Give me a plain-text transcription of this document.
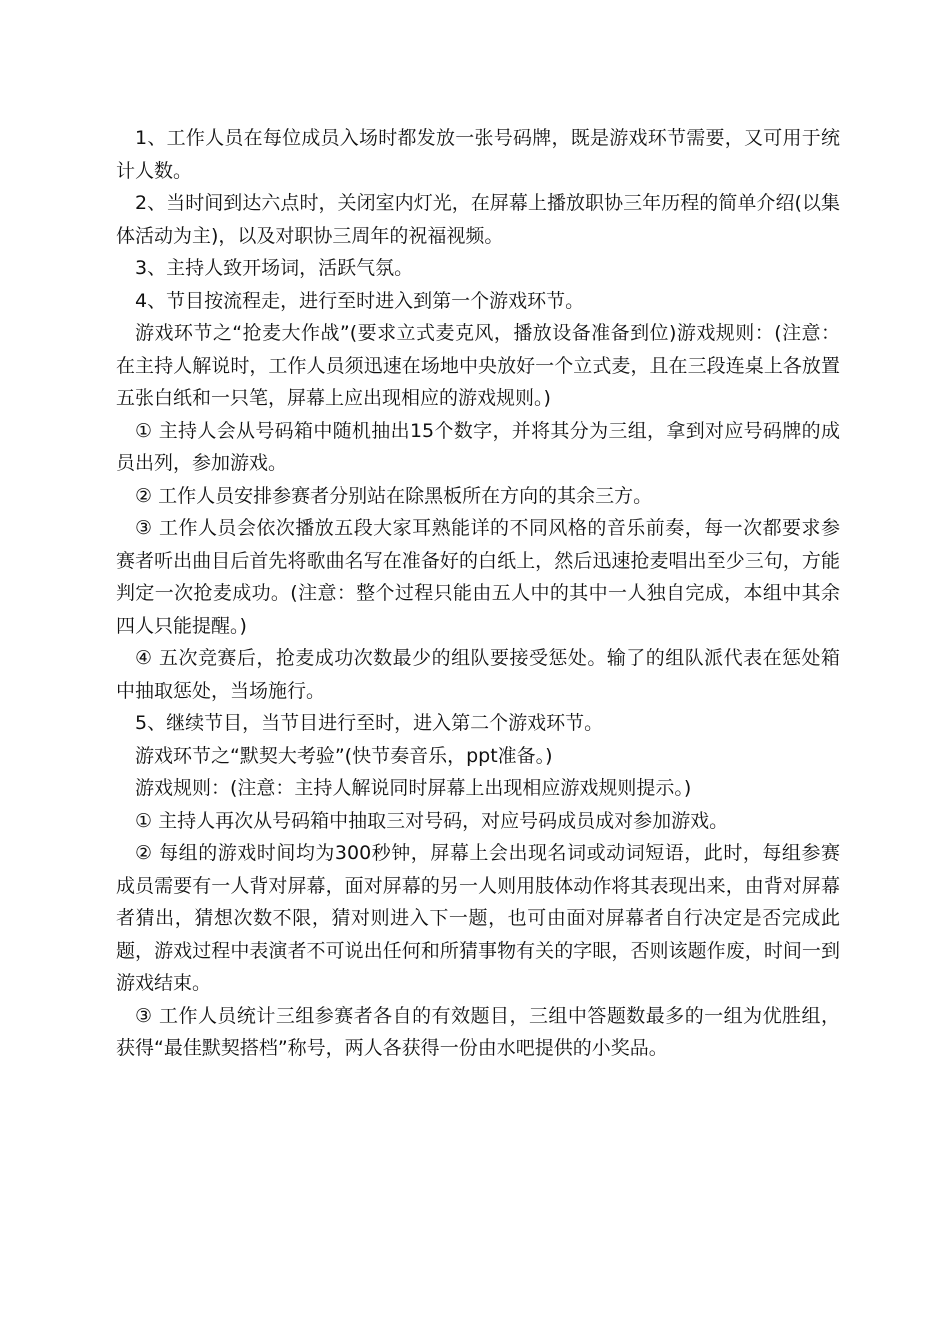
1、工作人员在每位成员入场时都发放一张号码牌，既是游戏环节需要，又可用于统计人数。

2、当时间到达六点时，关闭室内灯光，在屏幕上播放职协三年历程的简单介绍(以集体活动为主)，以及对职协三周年的祝福视频。

3、主持人致开场词，活跃气氛。

4、节目按流程走，进行至时进入到第一个游戏环节。

游戏环节之“抢麦大作战”(要求立式麦克风，播放设备准备到位)游戏规则：(注意：在主持人解说时，工作人员须迅速在场地中央放好一个立式麦，且在三段连桌上各放置五张白纸和一只笔，屏幕上应出现相应的游戏规则。)

① 主持人会从号码箱中随机抽出15个数字，并将其分为三组，拿到对应号码牌的成员出列，参加游戏。

② 工作人员安排参赛者分别站在除黑板所在方向的其余三方。

③ 工作人员会依次播放五段大家耳熟能详的不同风格的音乐前奏，每一次都要求参赛者听出曲目后首先将歌曲名写在准备好的白纸上，然后迅速抢麦唱出至少三句，方能判定一次抢麦成功。(注意：整个过程只能由五人中的其中一人独自完成，本组中其余四人只能提醒。)

④ 五次竞赛后，抢麦成功次数最少的组队要接受惩处。输了的组队派代表在惩处箱中抽取惩处，当场施行。

5、继续节目，当节目进行至时，进入第二个游戏环节。

游戏环节之“默契大考验”(快节奏音乐，ppt准备。)

游戏规则：(注意：主持人解说同时屏幕上出现相应游戏规则提示。)

① 主持人再次从号码箱中抽取三对号码，对应号码成员成对参加游戏。

② 每组的游戏时间均为300秒钟，屏幕上会出现名词或动词短语，此时，每组参赛成员需要有一人背对屏幕，面对屏幕的另一人则用肢体动作将其表现出来，由背对屏幕者猜出，猜想次数不限，猜对则进入下一题，也可由面对屏幕者自行决定是否完成此题，游戏过程中表演者不可说出任何和所猜事物有关的字眼，否则该题作废，时间一到游戏结束。

③ 工作人员统计三组参赛者各自的有效题目，三组中答题数最多的一组为优胜组，获得“最佳默契搭档”称号，两人各获得一份由水吧提供的小奖品。
